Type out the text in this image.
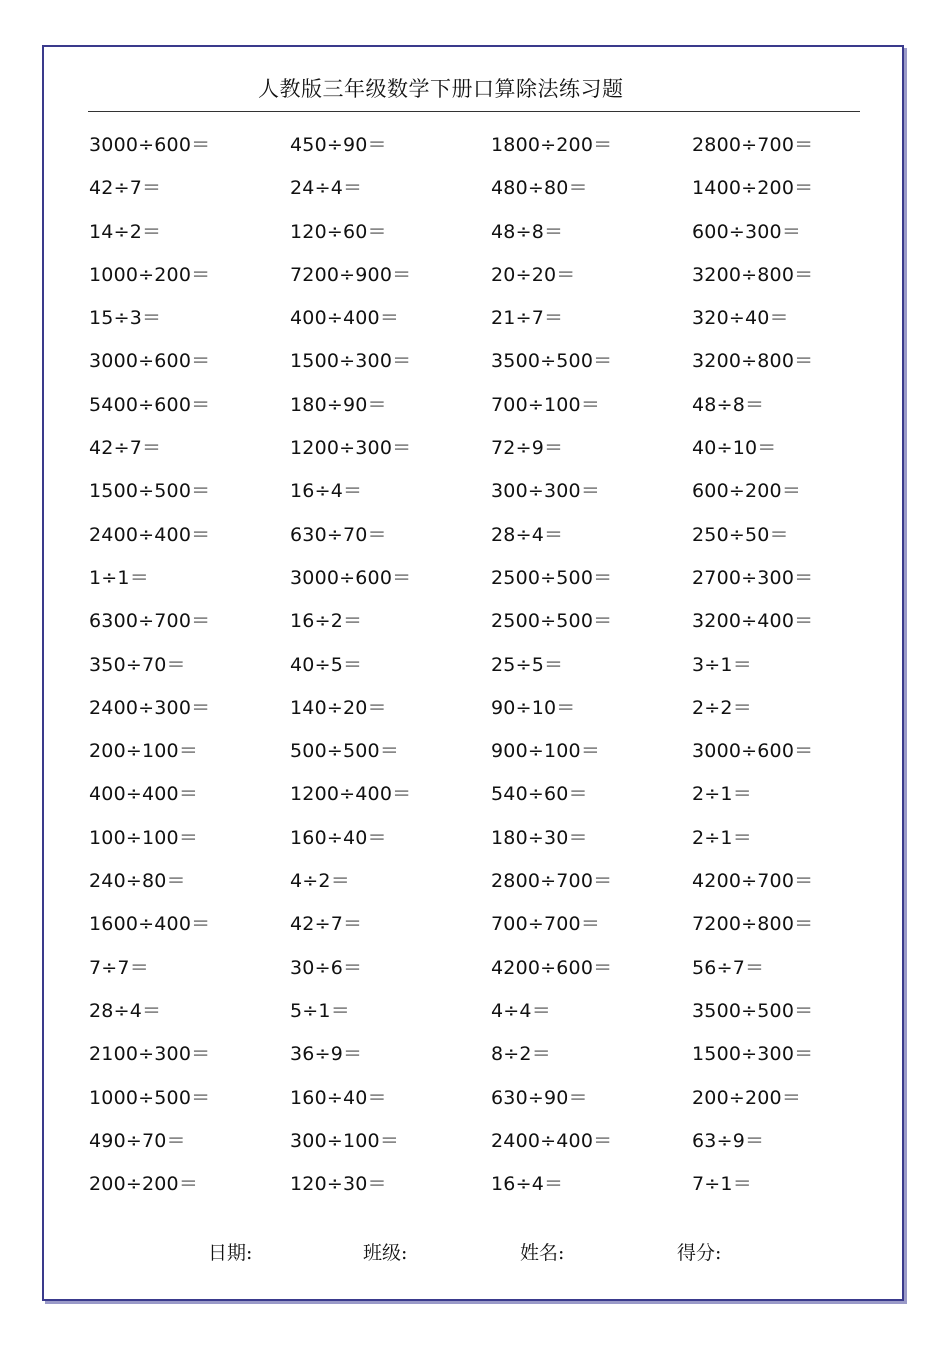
人教版三年级数学下册口算除法练习题
3000÷600＝	450÷90＝	1800÷200＝	2800÷700＝
42÷7＝	24÷4＝	480÷80＝	1400÷200＝
14÷2＝	120÷60＝	48÷8＝	600÷300＝
1000÷200＝	7200÷900＝	20÷20＝	3200÷800＝
15÷3＝	400÷400＝	21÷7＝	320÷40＝
3000÷600＝	1500÷300＝	3500÷500＝	3200÷800＝
5400÷600＝	180÷90＝	700÷100＝	48÷8＝
42÷7＝	1200÷300＝	72÷9＝	40÷10＝
1500÷500＝	16÷4＝	300÷300＝	600÷200＝
2400÷400＝	630÷70＝	28÷4＝	250÷50＝
1÷1＝	3000÷600＝	2500÷500＝	2700÷300＝
6300÷700＝	16÷2＝	2500÷500＝	3200÷400＝
350÷70＝	40÷5＝	25÷5＝	3÷1＝
2400÷300＝	140÷20＝	90÷10＝	2÷2＝
200÷100＝	500÷500＝	900÷100＝	3000÷600＝
400÷400＝	1200÷400＝	540÷60＝	2÷1＝
100÷100＝	160÷40＝	180÷30＝	2÷1＝
240÷80＝	4÷2＝	2800÷700＝	4200÷700＝
1600÷400＝	42÷7＝	700÷700＝	7200÷800＝
7÷7＝	30÷6＝	4200÷600＝	56÷7＝
28÷4＝	5÷1＝	4÷4＝	3500÷500＝
2100÷300＝	36÷9＝	8÷2＝	1500÷300＝
1000÷500＝	160÷40＝	630÷90＝	200÷200＝
490÷70＝	300÷100＝	2400÷400＝	63÷9＝
200÷200＝	120÷30＝	16÷4＝	7÷1＝
日期:	班级:	姓名:	得分:
